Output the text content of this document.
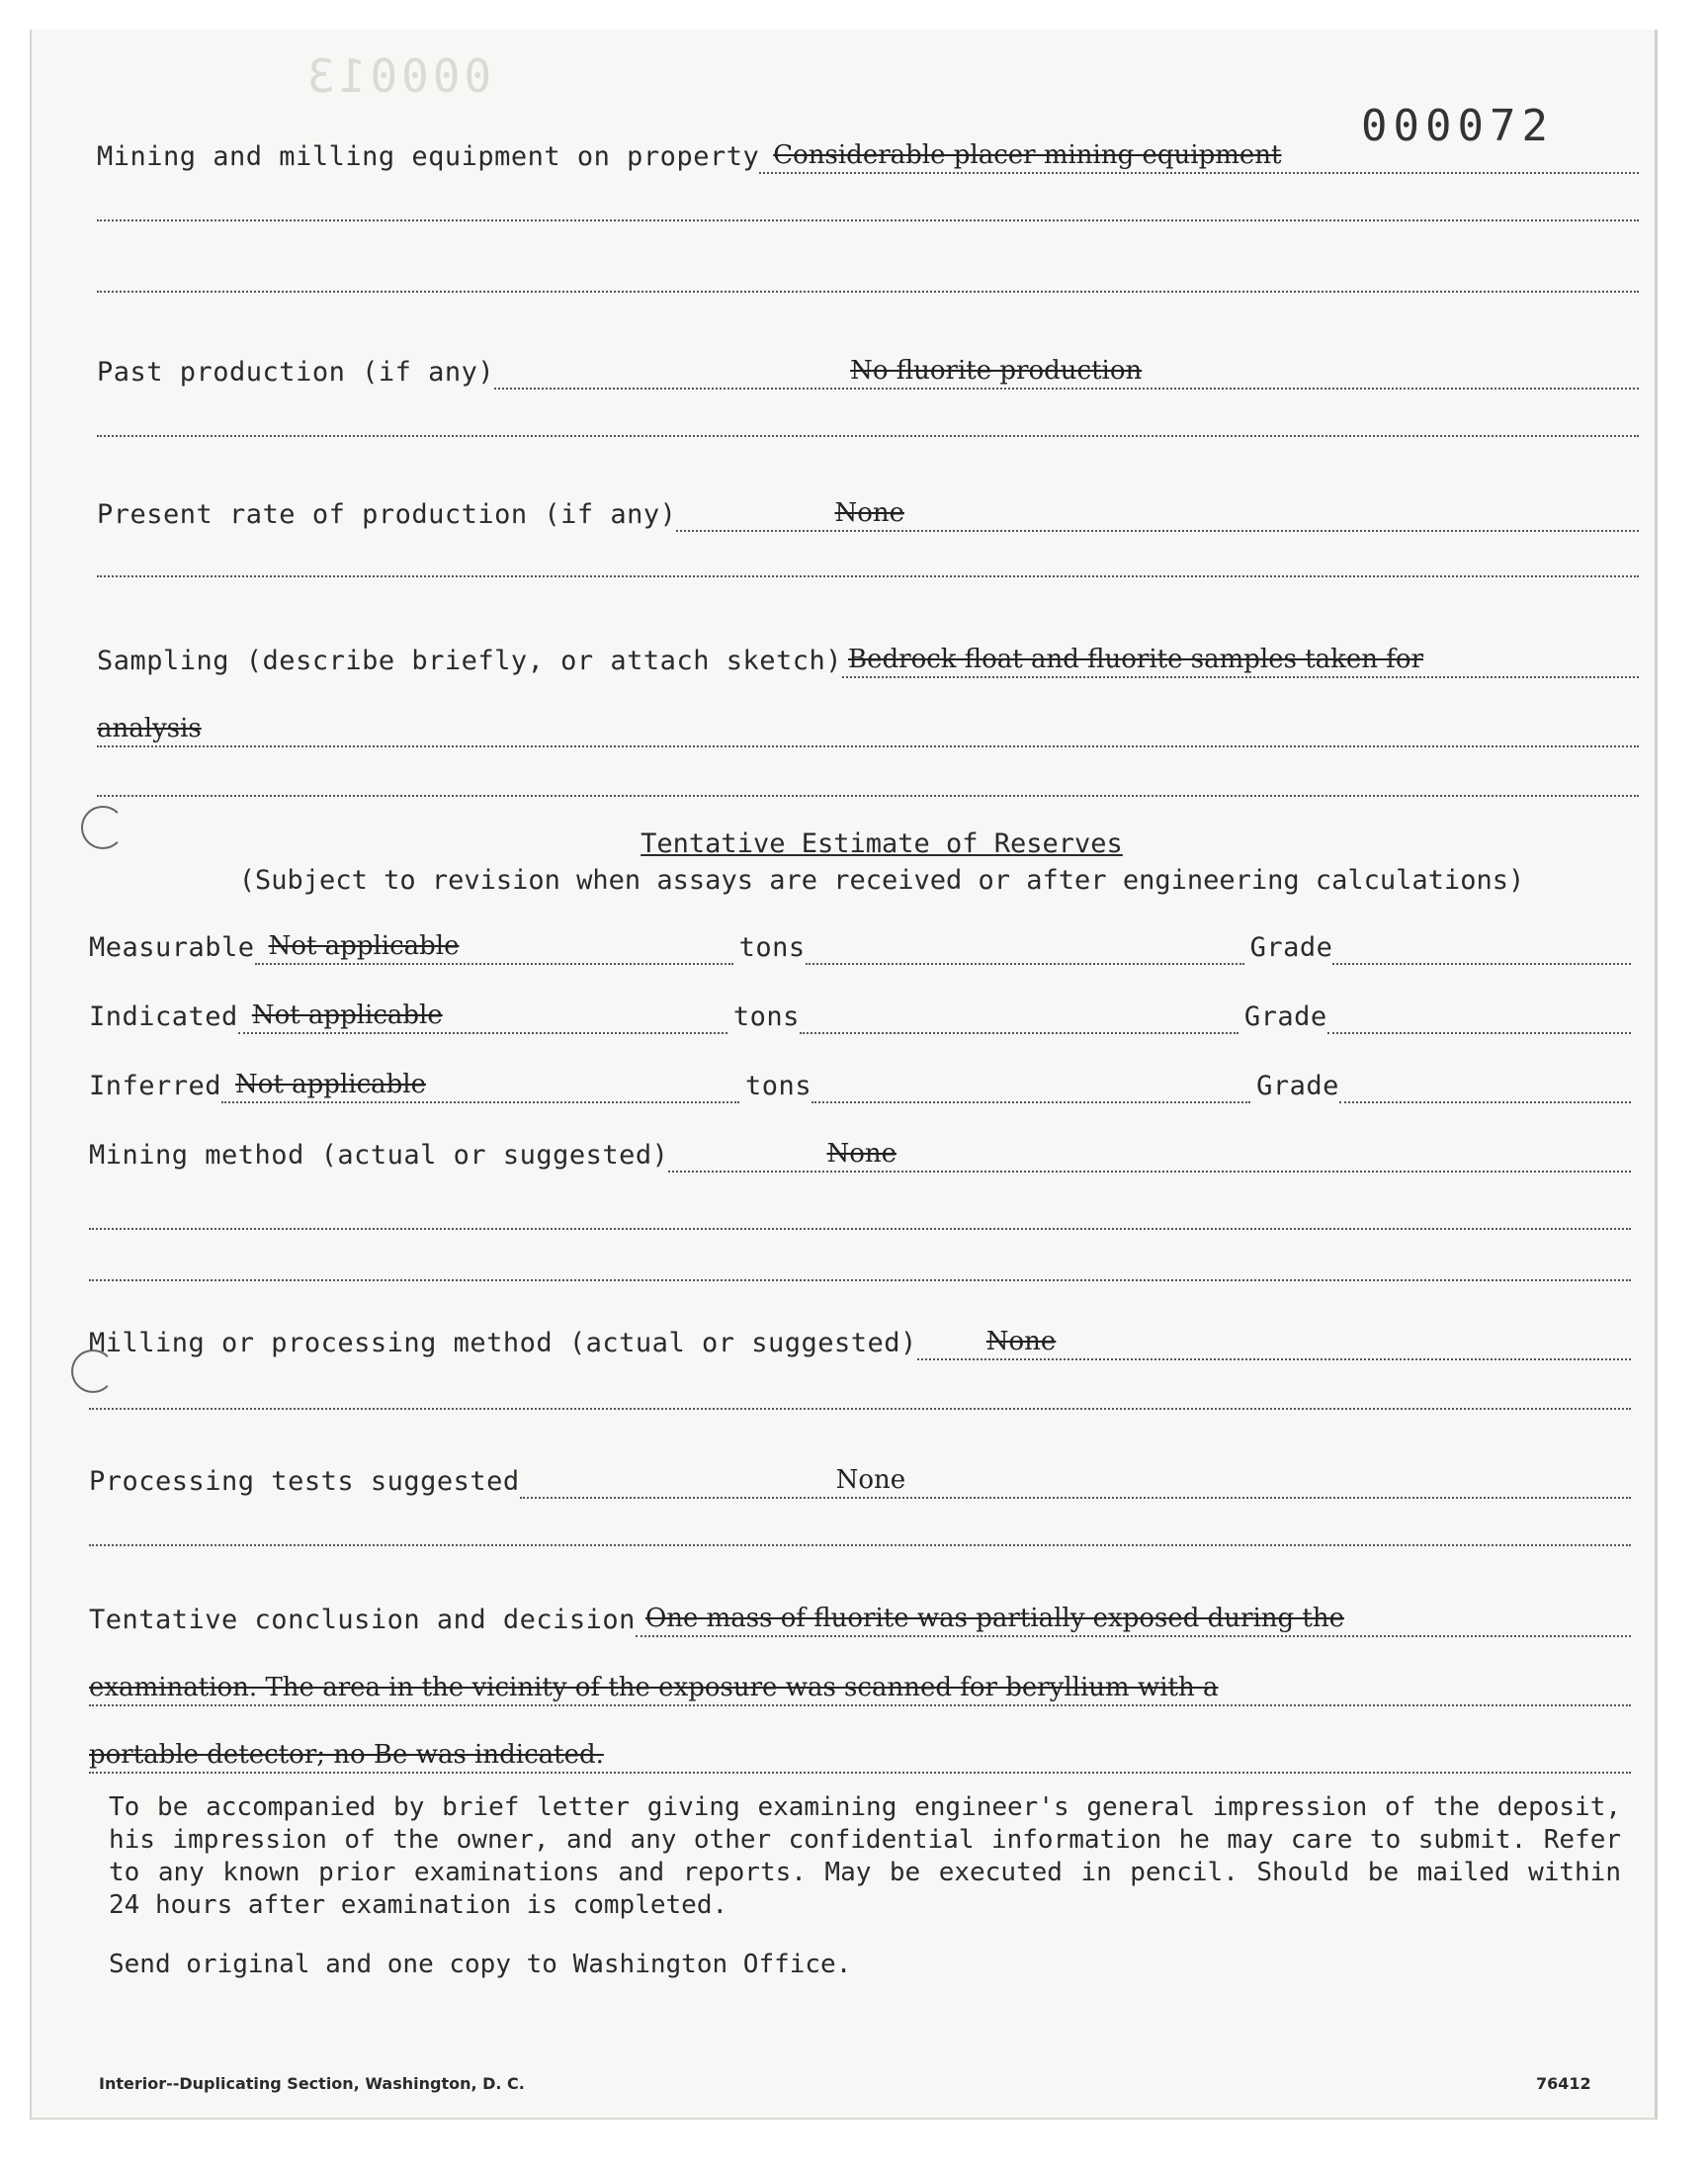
000013
000072
Mining and milling equipment on property Considerable placer mining equipment
Past production (if any)	No fluorite production
Present rate of production (if any)	None
Sampling (describe briefly, or attach sketch) Bedrock float and fluorite samples taken for
analysis
Tentative Estimate of Reserves
(Subject to revision when assays are received or after engineering calculations)
Measurable Not applicable	tons	Grade
Indicated Not applicable	tons	Grade
Inferred Not applicable	tons	Grade
Mining method (actual or suggested)	None
Milling or processing method (actual or suggested)	None
Processing tests suggested	None
Tentative conclusion and decision One mass of fluorite was partially exposed during the
examination. The area in the vicinity of the exposure was scanned for beryllium with a
portable detector; no Be was indicated.
To be accompanied by brief letter giving examining engineer's general impression of the deposit, his impression of the owner, and any other confidential information he may care to submit. Refer to any known prior examinations and reports. May be executed in pencil. Should be mailed within 24 hours after examination is completed.
Send original and one copy to Washington Office.
Interior--Duplicating Section, Washington, D. C.	76412
